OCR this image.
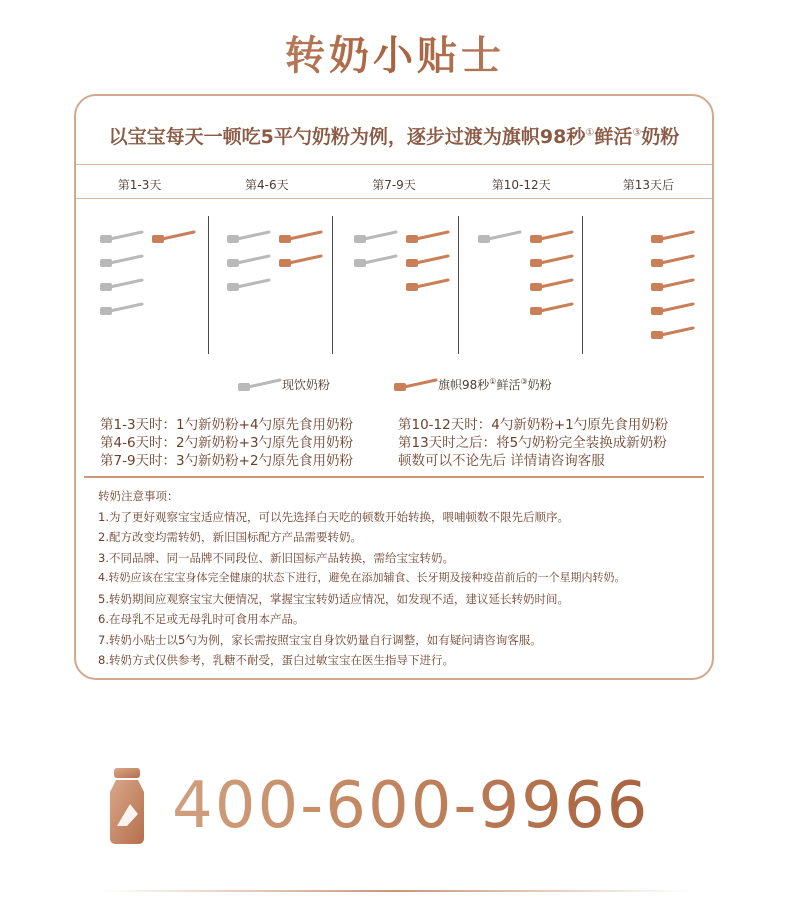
转奶小贴士
以宝宝每天一顿吃5平勺奶粉为例，逐步过渡为旗帜98秒①鲜活③奶粉
第1-3天	第4-6天	第7-9天	第10-12天	第13天后
现饮奶粉	旗帜98秒①鲜活③奶粉
第1-3天时：1勺新奶粉+4勺原先食用奶粉
第4-6天时：2勺新奶粉+3勺原先食用奶粉
第7-9天时：3勺新奶粉+2勺原先食用奶粉
第10-12天时：4勺新奶粉+1勺原先食用奶粉
第13天时之后：将5勺奶粉完全装换成新奶粉
顿数可以不论先后 详情请咨询客服
转奶注意事项：
1.为了更好观察宝宝适应情况，可以先选择白天吃的顿数开始转换，喂哺顿数不限先后顺序。
2.配方改变均需转奶，新旧国标配方产品需要转奶。
3.不同品牌、同一品牌不同段位、新旧国标产品转换，需给宝宝转奶。
4.转奶应该在宝宝身体完全健康的状态下进行，避免在添加辅食、长牙期及接种疫苗前后的一个星期内转奶。
5.转奶期间应观察宝宝大便情况，掌握宝宝转奶适应情况，如发现不适，建议延长转奶时间。
6.在母乳不足或无母乳时可食用本产品。
7.转奶小贴士以5勺为例，家长需按照宝宝自身饮奶量自行调整，如有疑问请咨询客服。
8.转奶方式仅供参考，乳糖不耐受，蛋白过敏宝宝在医生指导下进行。
400-600-9966
